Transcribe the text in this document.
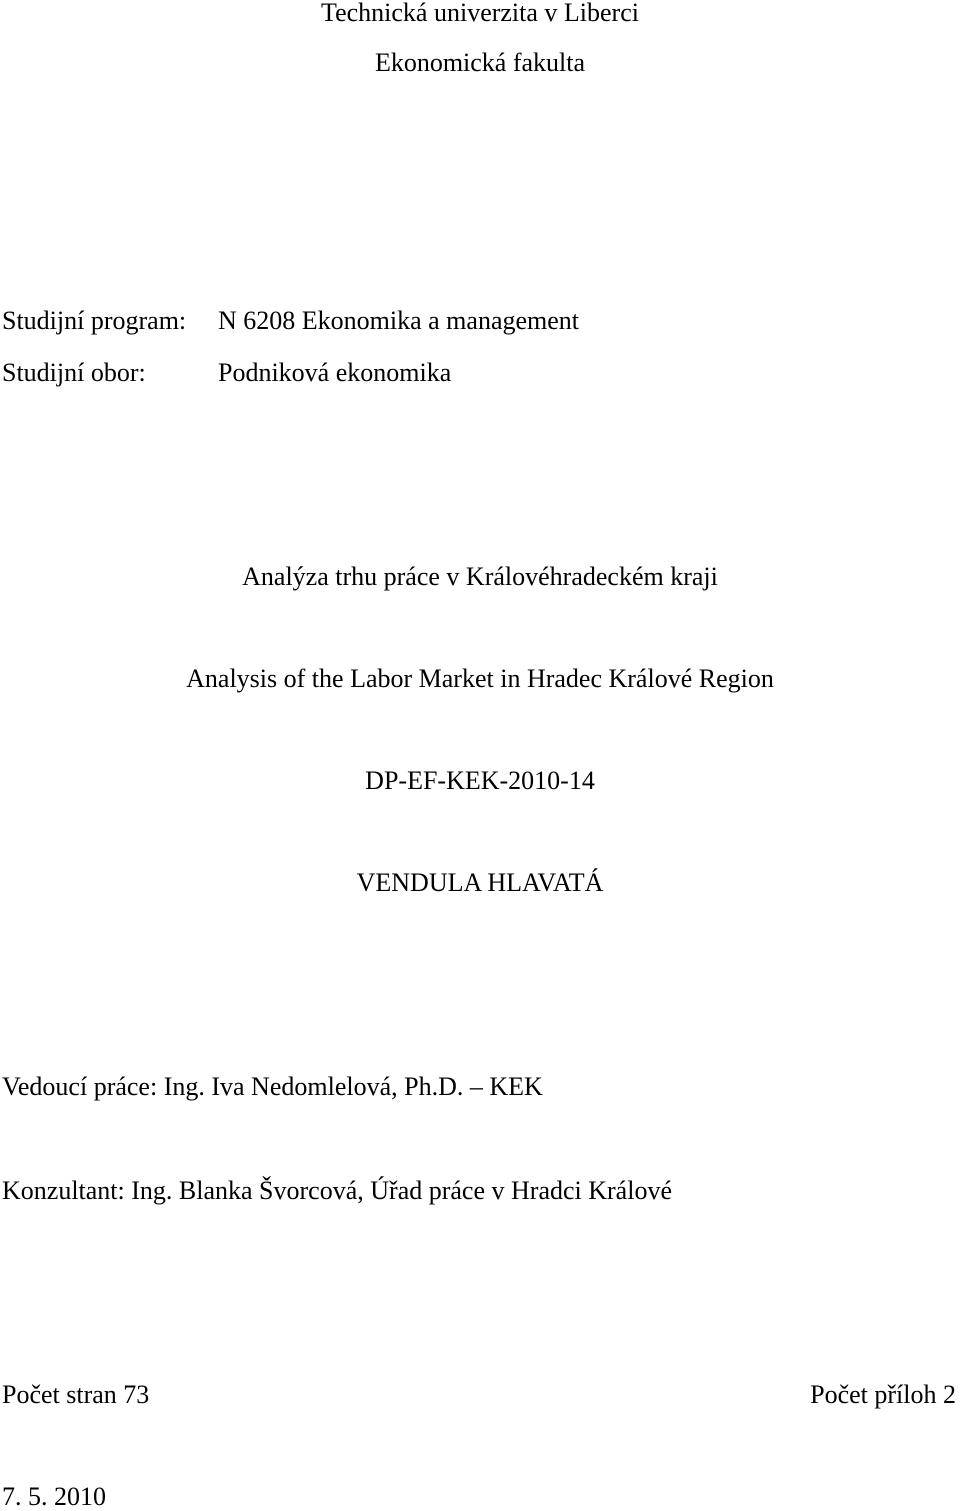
Technická univerzita v Liberci
Ekonomická fakulta
Studijní program: N 6208 Ekonomika a management
Studijní obor:	Podniková ekonomika
Analýza trhu práce v Královéhradeckém kraji
Analysis of the Labor Market in Hradec Králové Region
DP-EF-KEK-2010-14
VENDULA HLAVATÁ
Vedoucí práce: Ing. Iva Nedomlelová, Ph.D. – KEK
Konzultant: Ing. Blanka Švorcová, Úřad práce v Hradci Králové
Počet stran 73	Počet příloh 2
7. 5. 2010
